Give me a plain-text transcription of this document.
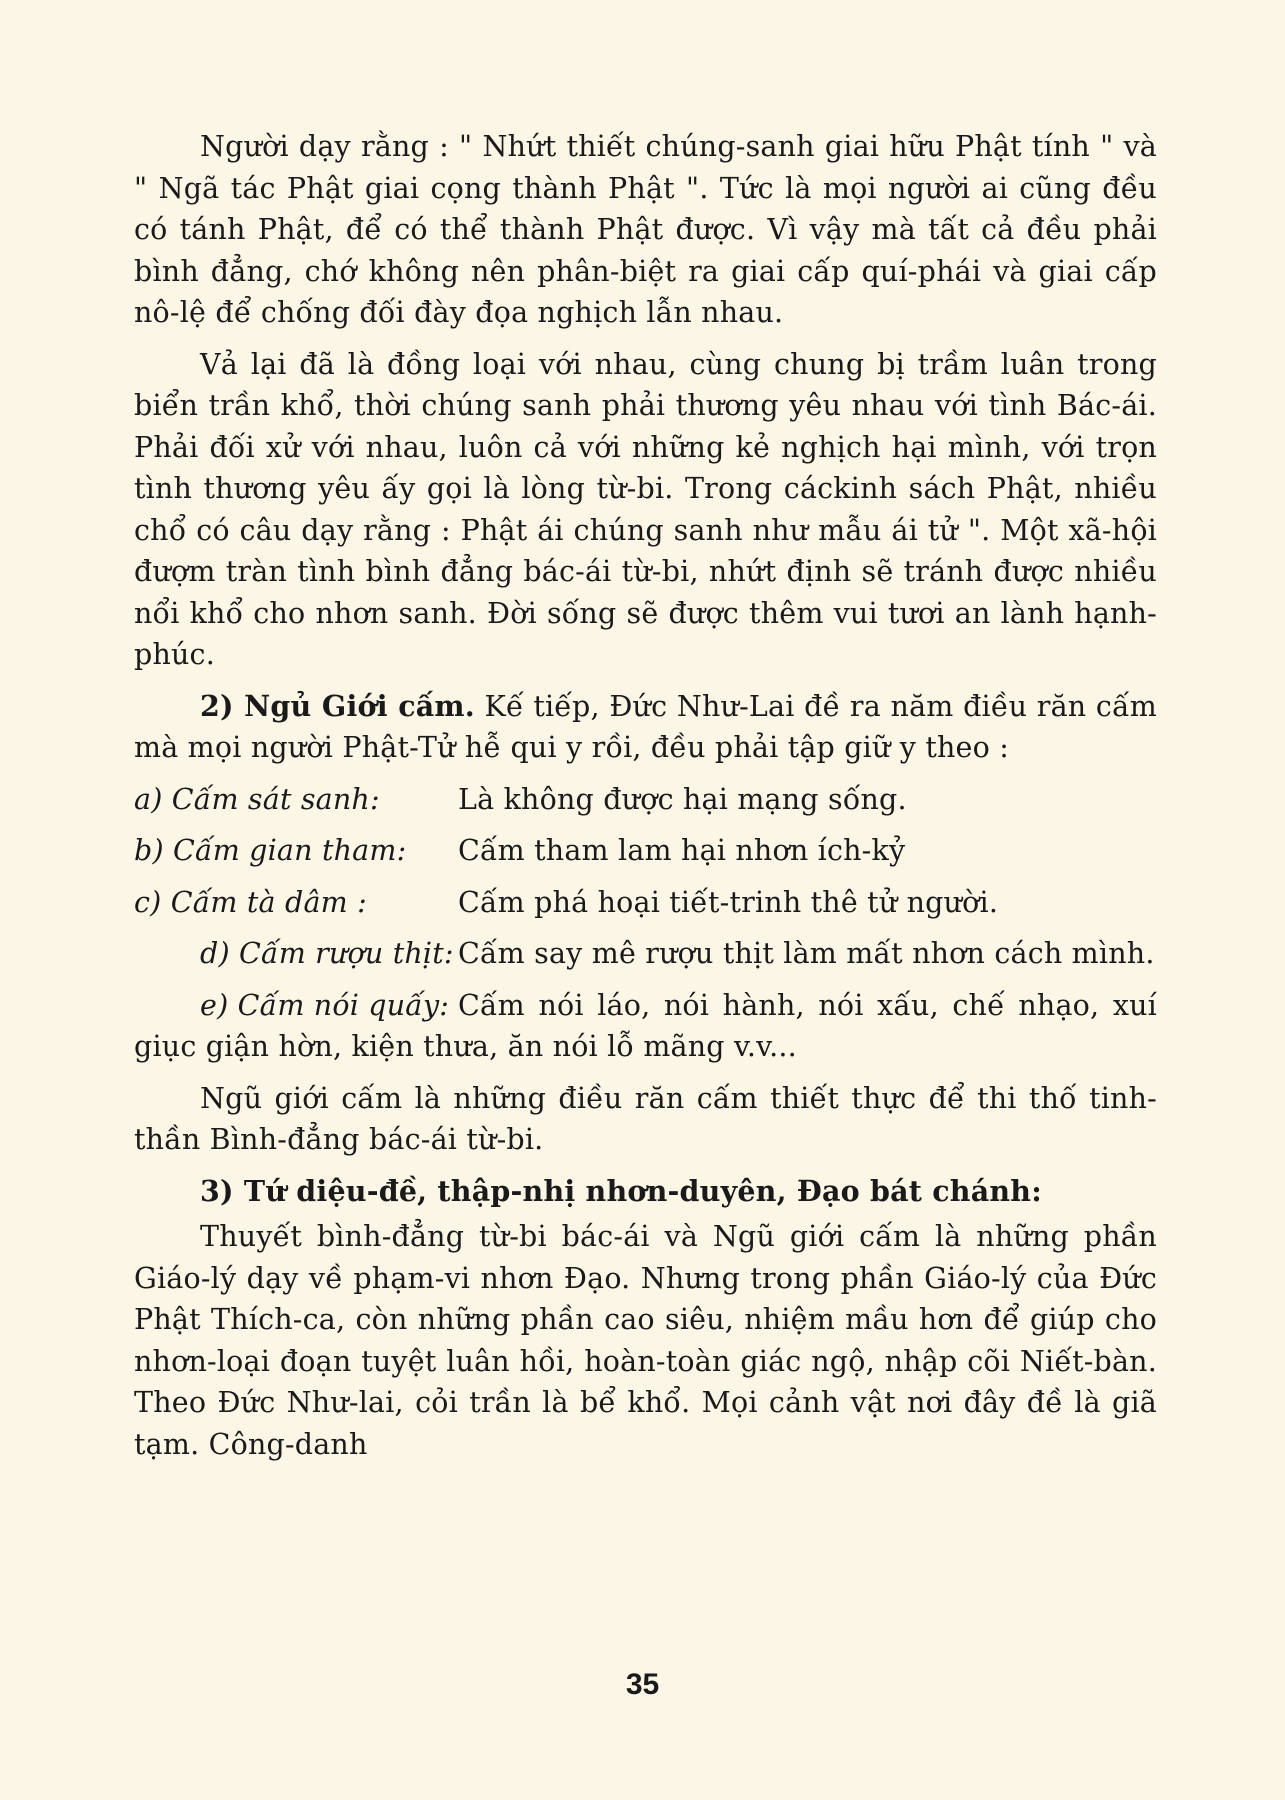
Người dạy rằng : " Nhứt thiết chúng-sanh giai hữu Phật tính " và " Ngã tác Phật giai cọng thành Phật ". Tức là mọi người ai cũng đều có tánh Phật, để có thể thành Phật được. Vì vậy mà tất cả đều phải bình đẳng, chớ không nên phân-biệt ra giai cấp quí-phái và giai cấp nô-lệ để chống đối đày đọa nghịch lẫn nhau.

Vả lại đã là đồng loại với nhau, cùng chung bị trầm luân trong biển trần khổ, thời chúng sanh phải thương yêu nhau với tình Bác-ái. Phải đối xử với nhau, luôn cả với những kẻ nghịch hại mình, với trọn tình thương yêu ấy gọi là lòng từ-bi. Trong cáckinh sách Phật, nhiều chổ có câu dạy rằng : Phật ái chúng sanh như mẫu ái tử ". Một xã-hội đượm tràn tình bình đẳng bác-ái từ-bi, nhứt định sẽ tránh được nhiều nổi khổ cho nhơn sanh. Đời sống sẽ được thêm vui tươi an lành hạnh-phúc.

2) Ngủ Giới cấm. Kế tiếp, Đức Như-Lai đề ra năm điều răn cấm mà mọi người Phật-Tử hễ qui y rồi, đều phải tập giữ y theo :

a) Cấm sát sanh:	Là không được hại mạng sống.
b) Cấm gian tham:	Cấm tham lam hại nhơn ích-kỷ
c) Cấm tà dâm :	Cấm phá hoại tiết-trinh thê tử người.
d) Cấm rượu thịt: Cấm say mê rượu thịt làm mất nhơn cách mình.
e) Cấm nói quấy: Cấm nói láo, nói hành, nói xấu, chế nhạo, xuí giục giận hờn, kiện thưa, ăn nói lỗ mãng v.v...

Ngũ giới cấm là những điều răn cấm thiết thực để thi thố tinh-thần Bình-đẳng bác-ái từ-bi.

3) Tứ diệu-đề, thập-nhị nhơn-duyên, Đạo bát chánh:

Thuyết bình-đẳng từ-bi bác-ái và Ngũ giới cấm là những phần Giáo-lý dạy về phạm-vi nhơn Đạo. Nhưng trong phần Giáo-lý của Đức Phật Thích-ca, còn những phần cao siêu, nhiệm mầu hơn để giúp cho nhơn-loại đoạn tuyệt luân hồi, hoàn-toàn giác ngộ, nhập cõi Niết-bàn. Theo Đức Như-lai, cỏi trần là bể khổ. Mọi cảnh vật nơi đây đề là giã tạm. Công-danh

35
